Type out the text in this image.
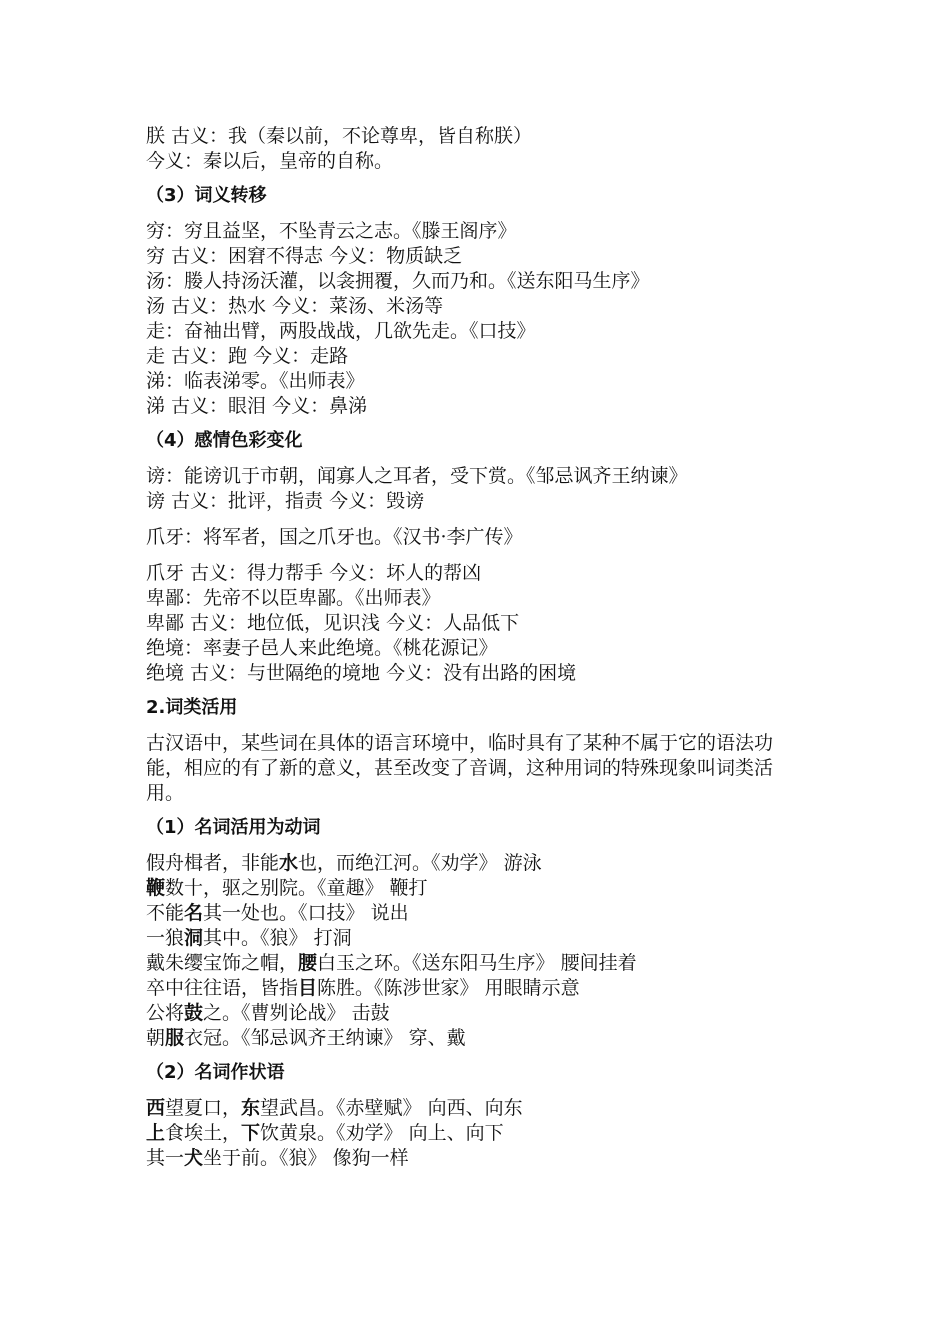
朕 古义：我（秦以前，不论尊卑，皆自称朕）
今义：秦以后，皇帝的自称。
（3）词义转移
穷：穷且益坚，不坠青云之志。《滕王阁序》
穷 古义：困窘不得志 今义：物质缺乏
汤：媵人持汤沃灌，以衾拥覆，久而乃和。《送东阳马生序》
汤 古义：热水 今义：菜汤、米汤等
走：奋袖出臂，两股战战，几欲先走。《口技》
走 古义：跑 今义：走路
涕：临表涕零。《出师表》
涕 古义：眼泪 今义：鼻涕
（4）感情色彩变化
谤：能谤讥于市朝，闻寡人之耳者，受下赏。《邹忌讽齐王纳谏》
谤 古义：批评，指责 今义：毁谤
爪牙：将军者，国之爪牙也。《汉书·李广传》
爪牙 古义：得力帮手 今义：坏人的帮凶
卑鄙：先帝不以臣卑鄙。《出师表》
卑鄙 古义：地位低，见识浅 今义：人品低下
绝境：率妻子邑人来此绝境。《桃花源记》
绝境 古义：与世隔绝的境地 今义：没有出路的困境
2.词类活用
古汉语中，某些词在具体的语言环境中，临时具有了某种不属于它的语法功
能，相应的有了新的意义，甚至改变了音调，这种用词的特殊现象叫词类活用。
（1）名词活用为动词
假舟楫者，非能水也，而绝江河。《劝学》 游泳
鞭数十，驱之别院。《童趣》 鞭打
不能名其一处也。《口技》 说出
一狼洞其中。《狼》 打洞
戴朱缨宝饰之帽，腰白玉之环。《送东阳马生序》 腰间挂着
卒中往往语，皆指目陈胜。《陈涉世家》 用眼睛示意
公将鼓之。《曹刿论战》 击鼓
朝服衣冠。《邹忌讽齐王纳谏》 穿、戴
（2）名词作状语
西望夏口，东望武昌。《赤壁赋》 向西、向东
上食埃土，下饮黄泉。《劝学》 向上、向下
其一犬坐于前。《狼》 像狗一样
